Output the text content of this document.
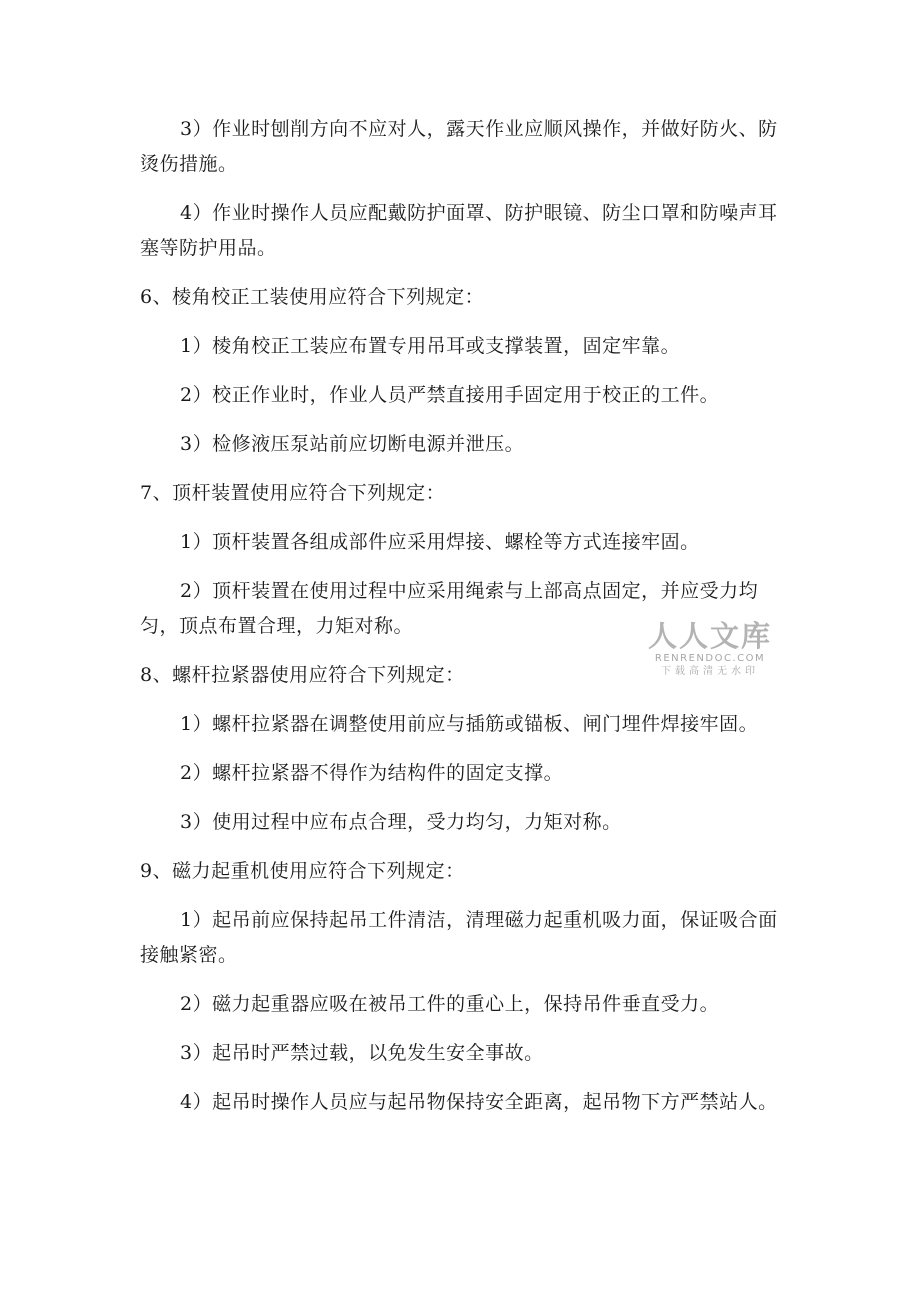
3）作业时刨削方向不应对人，露天作业应顺风操作，并做好防火、防烫伤措施。

4）作业时操作人员应配戴防护面罩、防护眼镜、防尘口罩和防噪声耳塞等防护用品。

6、棱角校正工装使用应符合下列规定：

1）棱角校正工装应布置专用吊耳或支撑装置，固定牢靠。

2）校正作业时，作业人员严禁直接用手固定用于校正的工件。

3）检修液压泵站前应切断电源并泄压。

7、顶杆装置使用应符合下列规定：

1）顶杆装置各组成部件应采用焊接、螺栓等方式连接牢固。

2）顶杆装置在使用过程中应采用绳索与上部高点固定，并应受力均匀，顶点布置合理，力矩对称。

8、螺杆拉紧器使用应符合下列规定：

1）螺杆拉紧器在调整使用前应与插筋或锚板、闸门埋件焊接牢固。

2）螺杆拉紧器不得作为结构件的固定支撑。

3）使用过程中应布点合理，受力均匀，力矩对称。

9、磁力起重机使用应符合下列规定：

1）起吊前应保持起吊工件清洁，清理磁力起重机吸力面，保证吸合面接触紧密。

2）磁力起重器应吸在被吊工件的重心上，保持吊件垂直受力。

3）起吊时严禁过载，以免发生安全事故。

4）起吊时操作人员应与起吊物保持安全距离，起吊物下方严禁站人。

人人文库
RENRENDOC.COM
下载高清无水印
